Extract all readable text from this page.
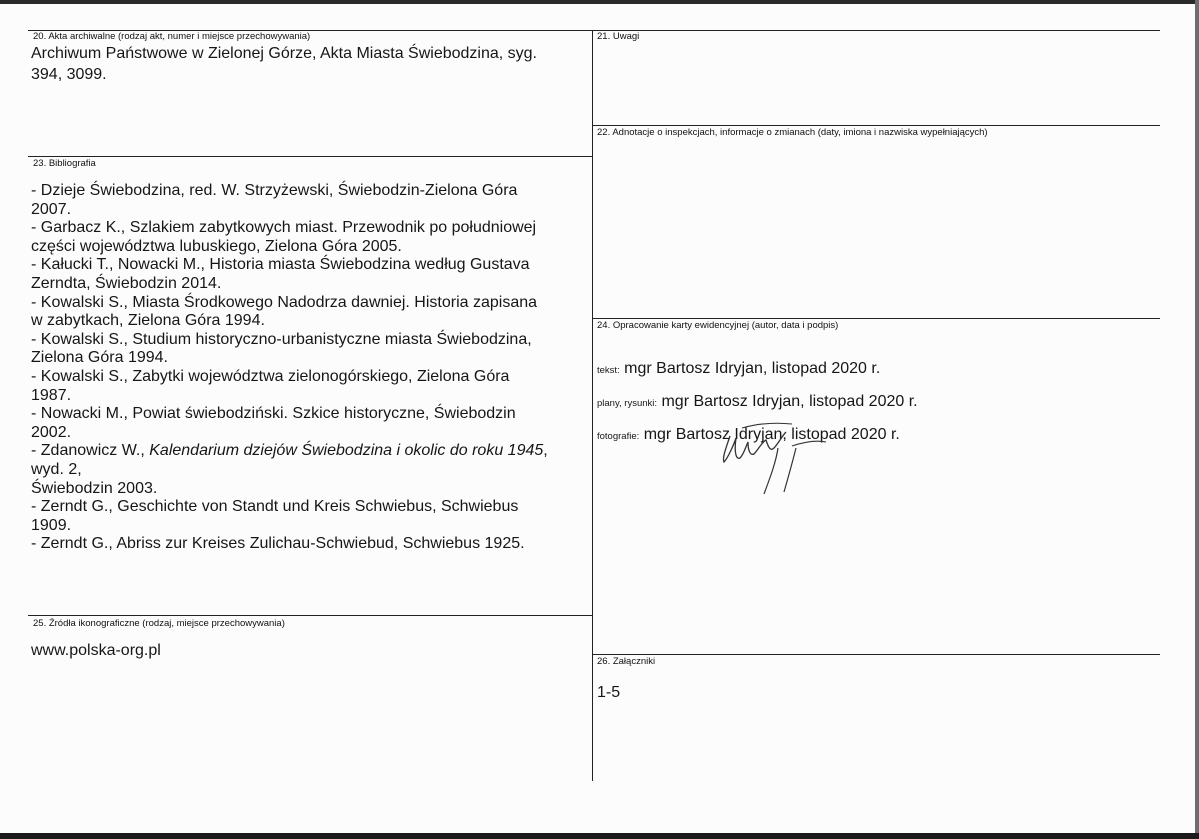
20. Akta archiwalne (rodzaj akt, numer i miejsce przechowywania)
Archiwum Państwowe w Zielonej Górze, Akta Miasta Świebodzina, syg.
394, 3099.
21. Uwagi
22. Adnotacje o inspekcjach, informacje o zmianach (daty, imiona i nazwiska wypełniających)
23. Bibliografia
- Dzieje Świebodzina, red. W. Strzyżewski, Świebodzin-Zielona Góra
2007.
- Garbacz K., Szlakiem zabytkowych miast. Przewodnik po południowej
części województwa lubuskiego, Zielona Góra 2005.
- Kałucki T., Nowacki M., Historia miasta Świebodzina według Gustava
Zerndta, Świebodzin 2014.
- Kowalski S., Miasta Środkowego Nadodrza dawniej. Historia zapisana
w zabytkach, Zielona Góra 1994.
- Kowalski S., Studium historyczno-urbanistyczne miasta Świebodzina,
Zielona Góra 1994.
- Kowalski S., Zabytki województwa zielonogórskiego, Zielona Góra
1987.
- Nowacki M., Powiat świebodziński. Szkice historyczne, Świebodzin
2002.
- Zdanowicz W., Kalendarium dziejów Świebodzina i okolic do roku 1945,
wyd. 2,
Świebodzin 2003.
- Zerndt G., Geschichte von Standt und Kreis Schwiebus, Schwiebus
1909.
- Zerndt G., Abriss zur Kreises Zulichau-Schwiebud, Schwiebus 1925.
24. Opracowanie karty ewidencyjnej (autor, data i podpis)
tekst: mgr Bartosz Idryjan, listopad 2020 r.
plany, rysunki: mgr Bartosz Idryjan, listopad 2020 r.
fotografie: mgr Bartosz Idryjan, listopad 2020 r.
25. Źródła ikonograficzne (rodzaj, miejsce przechowywania)
www.polska-org.pl
26. Załączniki
1-5
